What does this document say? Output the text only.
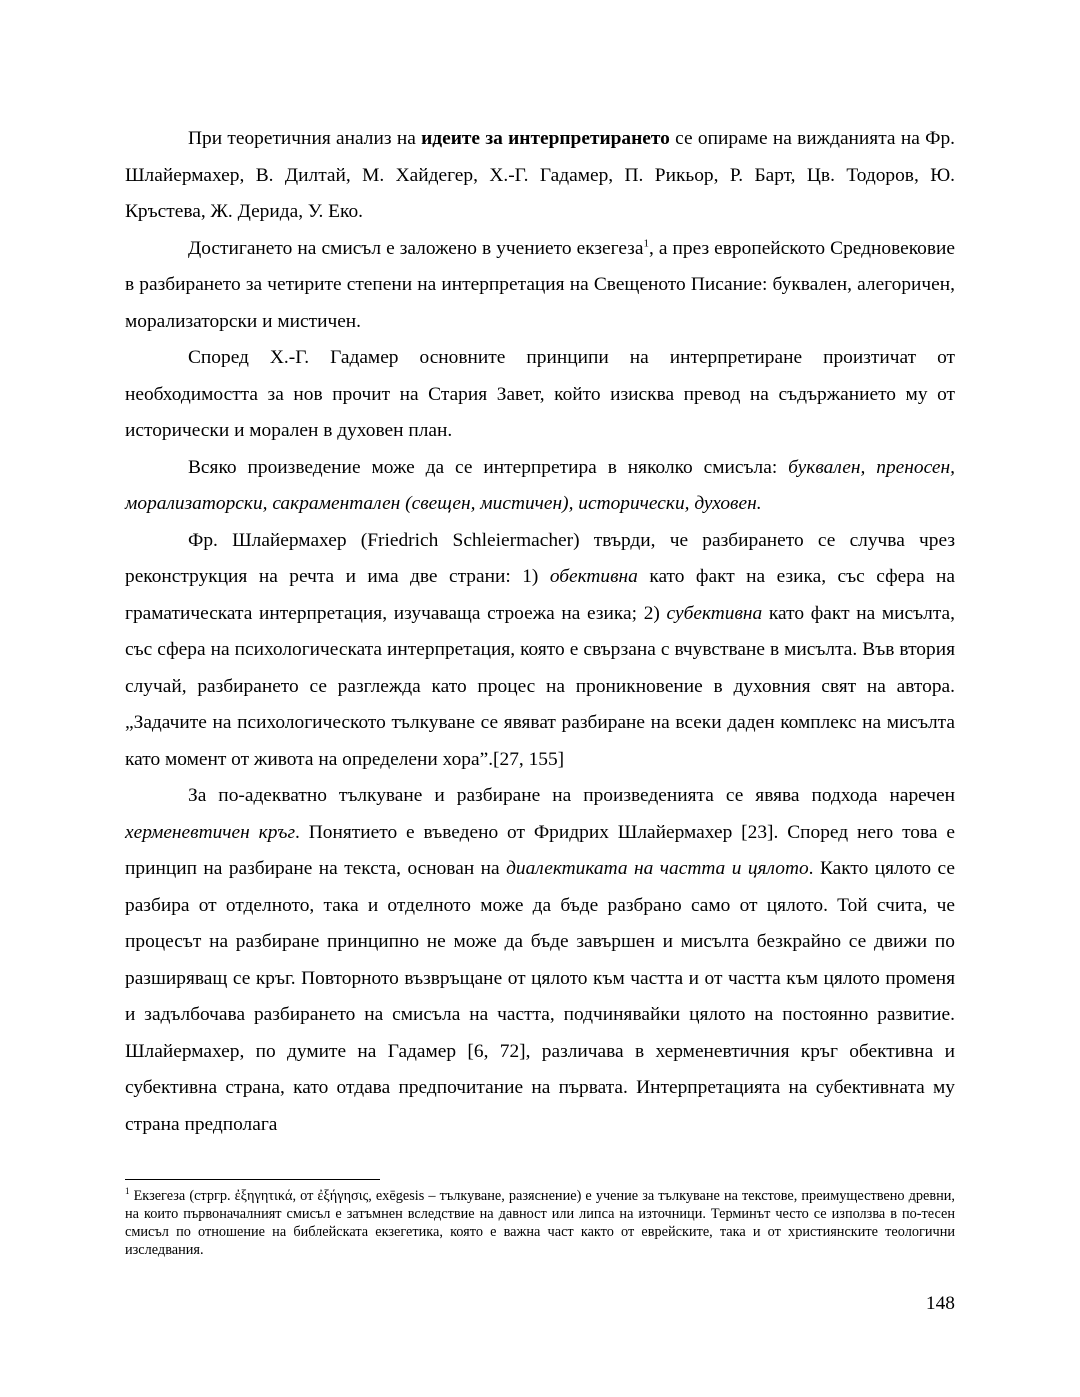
При теоретичния анализ на идеите за интерпретирането се опираме на вижданията на Фр. Шлайермахер, В. Дилтай, М. Хайдегер, Х.-Г. Гадамер, П. Рикьор, Р. Барт, Цв. Тодоров, Ю. Кръстева, Ж. Дерида, У. Еко.

Достигането на смисъл е заложено в учението екзегеза$^1$, а през европейското Средновековие в разбирането за четирите степени на интерпретация на Свещеното Писание: буквален, алегоричен, морализаторски и мистичен.

Според Х.-Г. Гадамер основните принципи на интерпретиране произтичат от необходимостта за нов прочит на Стария Завет, който изисква превод на съдържанието му от исторически и морален в духовен план.

Всяко произведение може да се интерпретира в няколко смисъла: буквален, преносен, морализаторски, сакраментален (свещен, мистичен), исторически, духовен.

Фр. Шлайермахер (Friedrich Schleiermacher) твърди, че разбирането се случва чрез реконструкция на речта и има две страни: 1) обективна като факт на езика, със сфера на граматическата интерпретация, изучаваща строежа на езика; 2) субективна като факт на мисълта, със сфера на психологическата интерпретация, която е свързана с вчувстване в мисълта. Във втория случай, разбирането се разглежда като процес на проникновение в духовния свят на автора. „Задачите на психологическото тълкуване се явяват разбиране на всеки даден комплекс на мисълта като момент от живота на определени хора”.[27, 155]

За по-адекватно тълкуване и разбиране на произведенията се явява подхода наречен херменевтичен кръг. Понятието е въведено от Фридрих Шлайермахер [23]. Според него това е принцип на разбиране на текста, основан на диалектиката на частта и цялото. Както цялото се разбира от отделното, така и отделното може да бъде разбрано само от цялото. Той счита, че процесът на разбиране принципно не може да бъде завършен и мисълта безкрайно се движи по разширяващ се кръг. Повторното възвръщане от цялото към частта и от частта към цялото променя и задълбочава разбирането на смисъла на частта, подчинявайки цялото на постоянно развитие. Шлайермахер, по думите на Гадамер [6, 72], различава в херменевтичния кръг обективна и субективна страна, като отдава предпочитание на първата. Интерпретацията на субективната му страна предполага

$^1$ Екзегеза (стргр. ἐξηγητικά, от ἐξήγησις, exēgesis – тълкуване, разяснение) е учение за тълкуване на текстове, преимуществено древни, на които първоначалният смисъл е затъмнен вследствие на давност или липса на източници. Терминът често се използва в по-тесен смисъл по отношение на библейската екзегетика, която е важна част както от еврейските, така и от християнските теологични изследвания.

148
